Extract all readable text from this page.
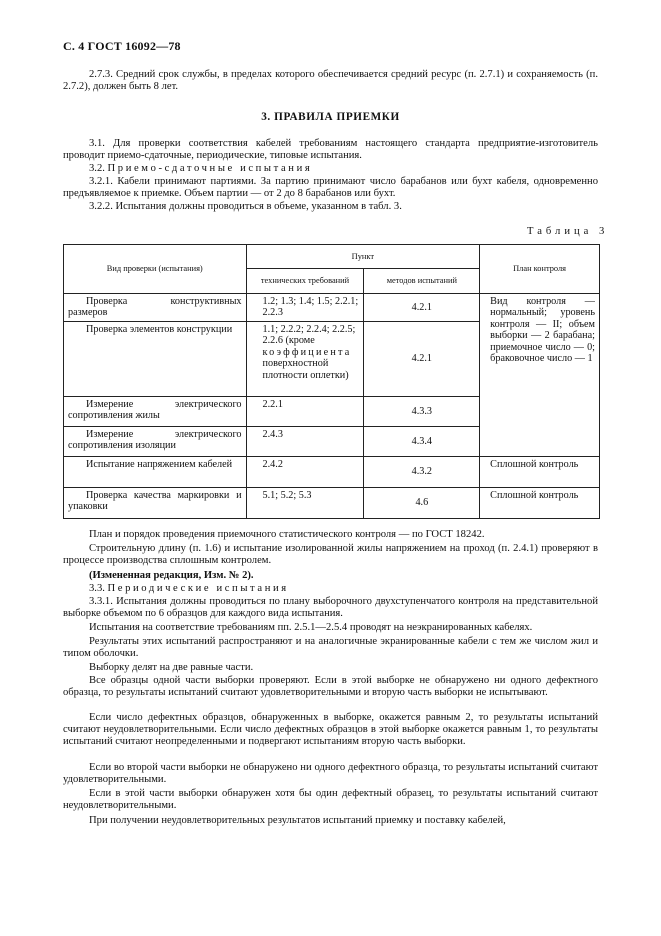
С. 4 ГОСТ 16092—78
2.7.3. Средний срок службы, в пределах которого обеспечивается средний ресурс (п. 2.7.1) и сохраняемость (п. 2.7.2), должен быть 8 лет.
3. ПРАВИЛА ПРИЕМКИ
3.1. Для проверки соответствия кабелей требованиям настоящего стандарта предприятие-изготовитель проводит приемо-сдаточные, периодические, типовые испытания.
3.2. Приемо-сдаточные испытания
3.2.1. Кабели принимают партиями. За партию принимают число барабанов или бухт кабеля, одновременно предъявляемое к приемке. Объем партии — от 2 до 8 барабанов или бухт.
3.2.2. Испытания должны проводиться в объеме, указанном в табл. 3.
Таблица 3
Вид проверки (испытания)	Пункт		План контроля
	технических требований	методов испытаний	
Проверка конструктивных размеров	1.2; 1.3; 1.4; 1.5; 2.2.1; 2.2.3	4.2.1	Вид контроля — нормальный; уровень контроля — II; объем выборки — 2 барабана; приемочное число — 0; браковочное число — 1
Проверка элементов конструкции	1.1; 2.2.2; 2.2.4; 2.2.5; 2.2.6 (кроме
коэффициента
поверхностной плотности оплетки)	4.2.1	
Измерение электрического сопротивления жилы	2.2.1	4.3.3	
Измерение электрического сопротивления изоляции	2.4.3	4.3.4	
Испытание напряжением кабелей	2.4.2	4.3.2	Сплошной контроль
Проверка качества маркировки и упаковки	5.1; 5.2; 5.3	4.6	Сплошной контроль
План и порядок проведения приемочного статистического контроля — по ГОСТ 18242.
Строительную длину (п. 1.6) и испытание изолированной жилы напряжением на проход (п. 2.4.1) проверяют в процессе производства сплошным контролем.
(Измененная редакция, Изм. № 2).
3.3. Периодические испытания
3.3.1. Испытания должны проводиться по плану выборочного двухступенчатого контроля на представительной выборке объемом по 6 образцов для каждого вида испытания.
Испытания на соответствие требованиям пп. 2.5.1—2.5.4 проводят на неэкранированных кабелях.
Результаты этих испытаний распространяют и на аналогичные экранированные кабели с тем же числом жил и типом оболочки.
Выборку делят на две равные части.
Все образцы одной части выборки проверяют. Если в этой выборке не обнаружено ни одного дефектного образца, то результаты испытаний считают удовлетворительными и вторую часть выборки не испытывают.
Если число дефектных образцов, обнаруженных в выборке, окажется равным 2, то результаты испытаний считают неудовлетворительными. Если число дефектных образцов в этой выборке окажется равным 1, то результаты испытаний считают неопределенными и подвергают испытаниям вторую часть выборки.
Если во второй части выборки не обнаружено ни одного дефектного образца, то результаты испытаний считают удовлетворительными.
Если в этой части выборки обнаружен хотя бы один дефектный образец, то результаты испытаний считают неудовлетворительными.
При получении неудовлетворительных результатов испытаний приемку и поставку кабелей,
